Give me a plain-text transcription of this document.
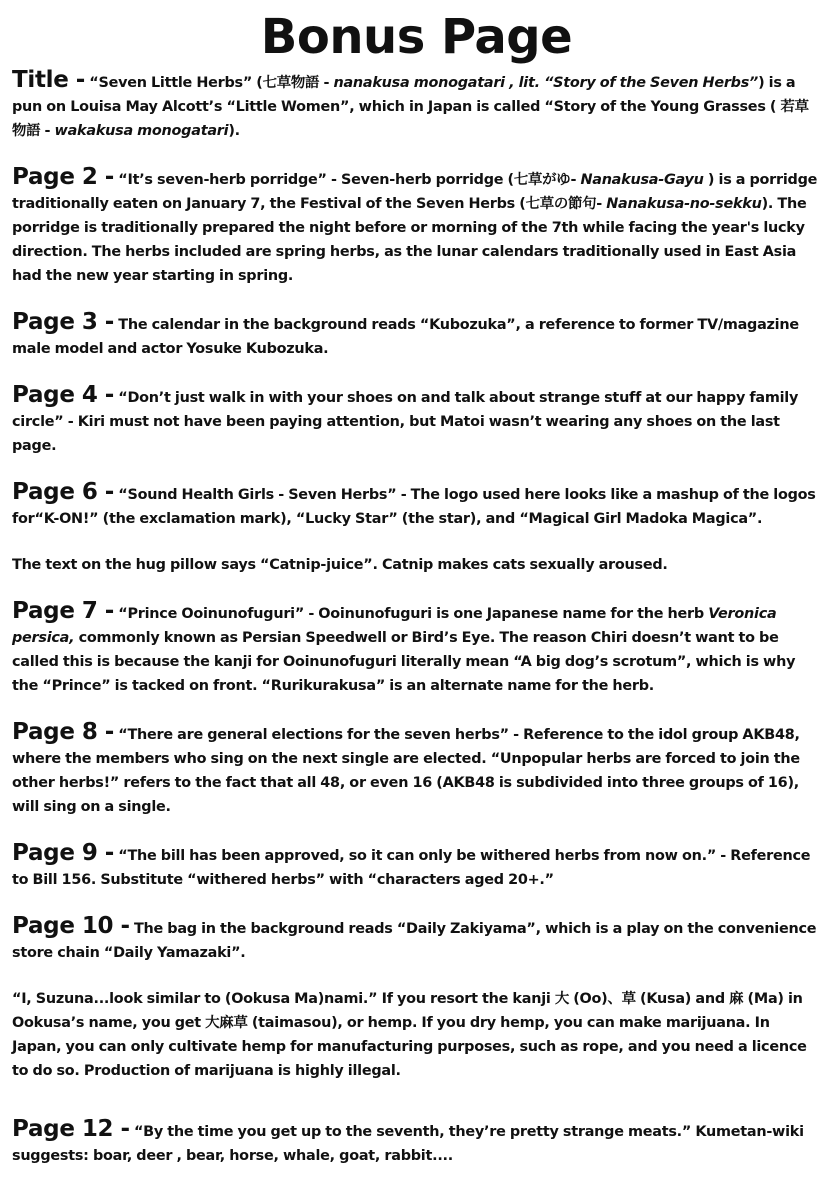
Bonus Page

Title - “Seven Little Herbs” (七草物語 - nanakusa monogatari , lit. “Story of the Seven Herbs”) is a pun on Louisa May Alcott’s “Little Women”, which in Japan is called “Story of the Young Grasses ( 若草物語 - wakakusa monogatari).

Page 2 - “It’s seven-herb porridge” - Seven-herb porridge (七草がゆ- Nanakusa-Gayu ) is a porridge traditionally eaten on January 7, the Festival of the Seven Herbs (七草の節句- Nanakusa-no-sekku). The porridge is traditionally prepared the night before or morning of the 7th while facing the year's lucky direction. The herbs included are spring herbs, as the lunar calendars traditionally used in East Asia had the new year starting in spring.

Page 3 - The calendar in the background reads “Kubozuka”, a reference to former TV/magazine male model and actor Yosuke Kubozuka.

Page 4 - “Don’t just walk in with your shoes on and talk about strange stuff at our happy family circle” - Kiri must not have been paying attention, but Matoi wasn’t wearing any shoes on the last page.

Page 6 - “Sound Health Girls - Seven Herbs” - The logo used here looks like a mashup of the logos for“K-ON!” (the exclamation mark), “Lucky Star” (the star), and “Magical Girl Madoka Magica”.

The text on the hug pillow says “Catnip-juice”. Catnip makes cats sexually aroused.

Page 7 - “Prince Ooinunofuguri” - Ooinunofuguri is one Japanese name for the herb Veronica persica, commonly known as Persian Speedwell or Bird’s Eye. The reason Chiri doesn’t want to be called this is because the kanji for Ooinunofuguri literally mean “A big dog’s scrotum”, which is why the “Prince” is tacked on front. “Rurikurakusa” is an alternate name for the herb.

Page 8 - “There are general elections for the seven herbs” - Reference to the idol group AKB48, where the members who sing on the next single are elected. “Unpopular herbs are forced to join the other herbs!” refers to the fact that all 48, or even 16 (AKB48 is subdivided into three groups of 16), will sing on a single.

Page 9 - “The bill has been approved, so it can only be withered herbs from now on.” - Reference to Bill 156. Substitute “withered herbs” with “characters aged 20+.”

Page 10 - The bag in the background reads “Daily Zakiyama”, which is a play on the convenience store chain “Daily Yamazaki”.

“I, Suzuna...look similar to (Ookusa Ma)nami.” If you resort the kanji 大 (Oo)、草 (Kusa) and 麻 (Ma) in Ookusa’s name, you get 大麻草 (taimasou), or hemp. If you dry hemp, you can make marijuana. In Japan, you can only cultivate hemp for manufacturing purposes, such as rope, and you need a licence to do so. Production of marijuana is highly illegal.

Page 12 - “By the time you get up to the seventh, they’re pretty strange meats.” Kumetan-wiki suggests: boar, deer , bear, horse, whale, goat, rabbit....
